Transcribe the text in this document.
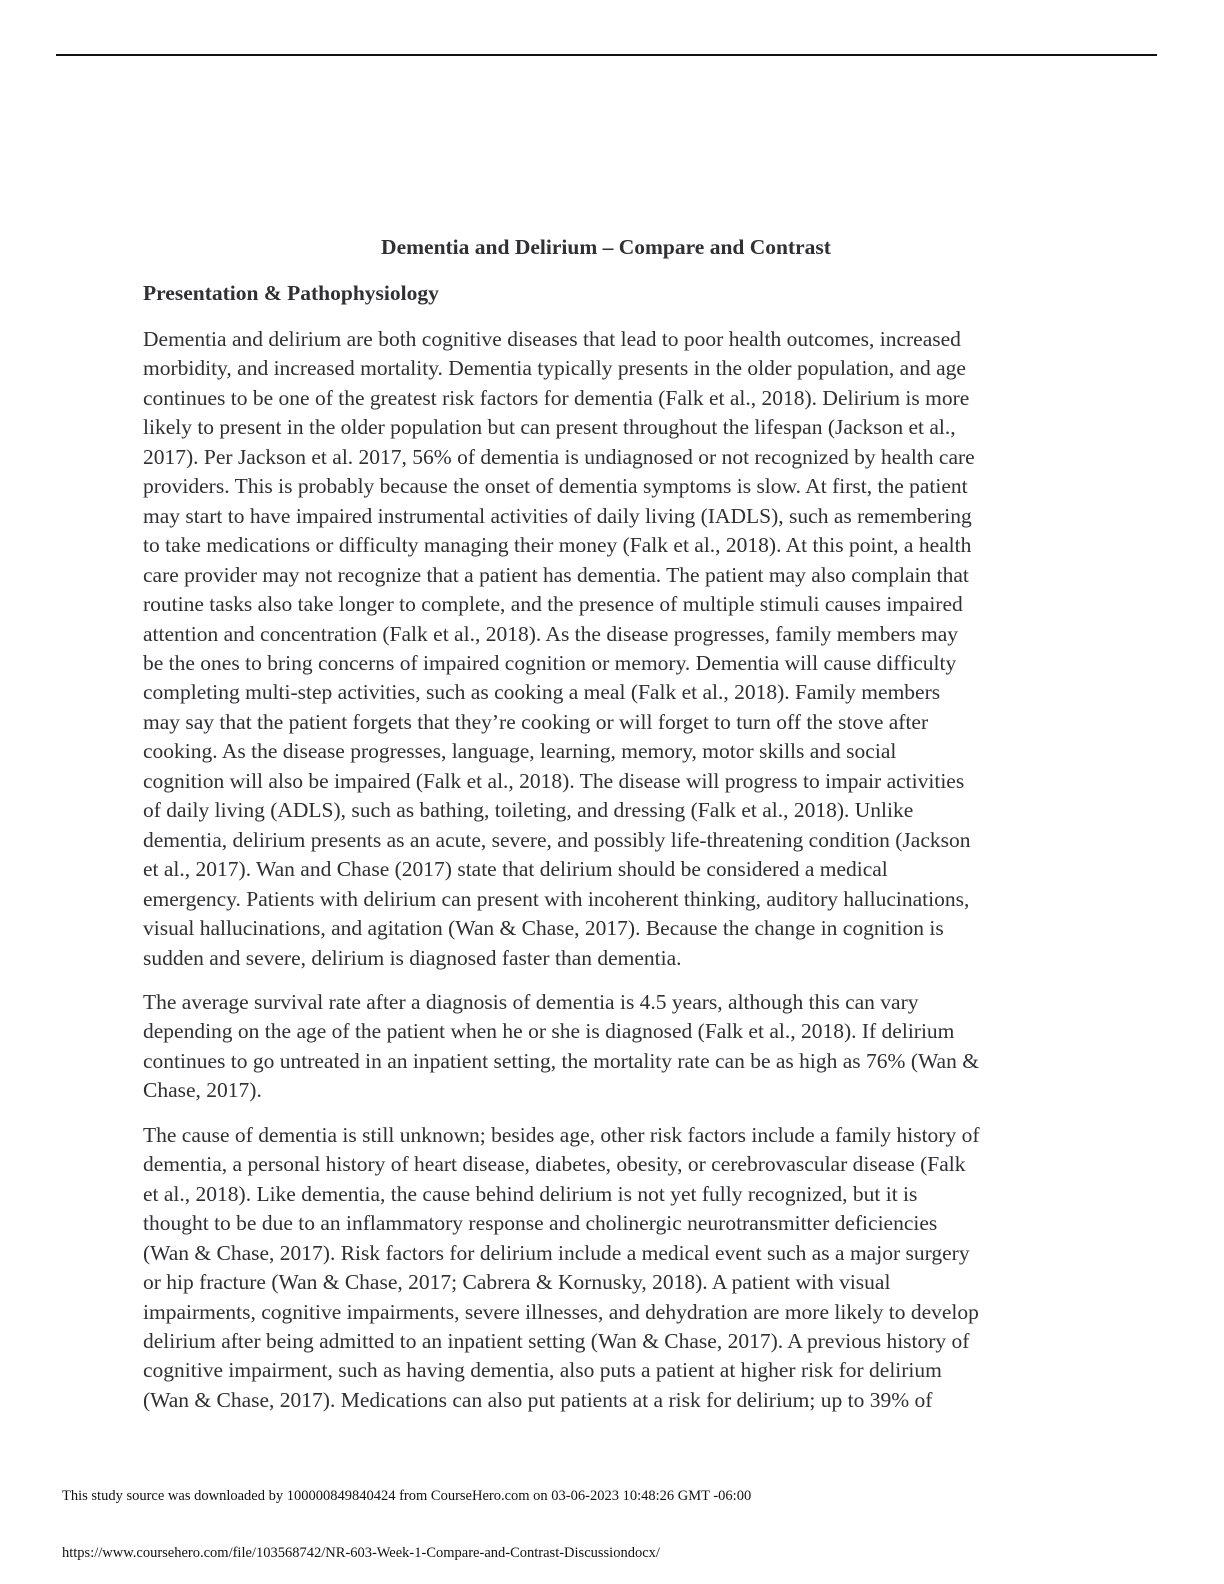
Dementia and Delirium – Compare and Contrast
Presentation & Pathophysiology
Dementia and delirium are both cognitive diseases that lead to poor health outcomes, increased
morbidity, and increased mortality. Dementia typically presents in the older population, and age
continues to be one of the greatest risk factors for dementia (Falk et al., 2018). Delirium is more
likely to present in the older population but can present throughout the lifespan (Jackson et al.,
2017). Per Jackson et al. 2017, 56% of dementia is undiagnosed or not recognized by health care
providers. This is probably because the onset of dementia symptoms is slow. At first, the patient
may start to have impaired instrumental activities of daily living (IADLS), such as remembering
to take medications or difficulty managing their money (Falk et al., 2018). At this point, a health
care provider may not recognize that a patient has dementia. The patient may also complain that
routine tasks also take longer to complete, and the presence of multiple stimuli causes impaired
attention and concentration (Falk et al., 2018). As the disease progresses, family members may
be the ones to bring concerns of impaired cognition or memory. Dementia will cause difficulty
completing multi-step activities, such as cooking a meal (Falk et al., 2018). Family members
may say that the patient forgets that they’re cooking or will forget to turn off the stove after
cooking. As the disease progresses, language, learning, memory, motor skills and social
cognition will also be impaired (Falk et al., 2018). The disease will progress to impair activities
of daily living (ADLS), such as bathing, toileting, and dressing (Falk et al., 2018). Unlike
dementia, delirium presents as an acute, severe, and possibly life-threatening condition (Jackson
et al., 2017). Wan and Chase (2017) state that delirium should be considered a medical
emergency. Patients with delirium can present with incoherent thinking, auditory hallucinations,
visual hallucinations, and agitation (Wan & Chase, 2017). Because the change in cognition is
sudden and severe, delirium is diagnosed faster than dementia.
The average survival rate after a diagnosis of dementia is 4.5 years, although this can vary
depending on the age of the patient when he or she is diagnosed (Falk et al., 2018). If delirium
continues to go untreated in an inpatient setting, the mortality rate can be as high as 76% (Wan &
Chase, 2017).
The cause of dementia is still unknown; besides age, other risk factors include a family history of
dementia, a personal history of heart disease, diabetes, obesity, or cerebrovascular disease (Falk
et al., 2018). Like dementia, the cause behind delirium is not yet fully recognized, but it is
thought to be due to an inflammatory response and cholinergic neurotransmitter deficiencies
(Wan & Chase, 2017). Risk factors for delirium include a medical event such as a major surgery
or hip fracture (Wan & Chase, 2017; Cabrera & Kornusky, 2018). A patient with visual
impairments, cognitive impairments, severe illnesses, and dehydration are more likely to develop
delirium after being admitted to an inpatient setting (Wan & Chase, 2017). A previous history of
cognitive impairment, such as having dementia, also puts a patient at higher risk for delirium
(Wan & Chase, 2017). Medications can also put patients at a risk for delirium; up to 39% of
This study source was downloaded by 100000849840424 from CourseHero.com on 03-06-2023 10:48:26 GMT -06:00
https://www.coursehero.com/file/103568742/NR-603-Week-1-Compare-and-Contrast-Discussiondocx/
